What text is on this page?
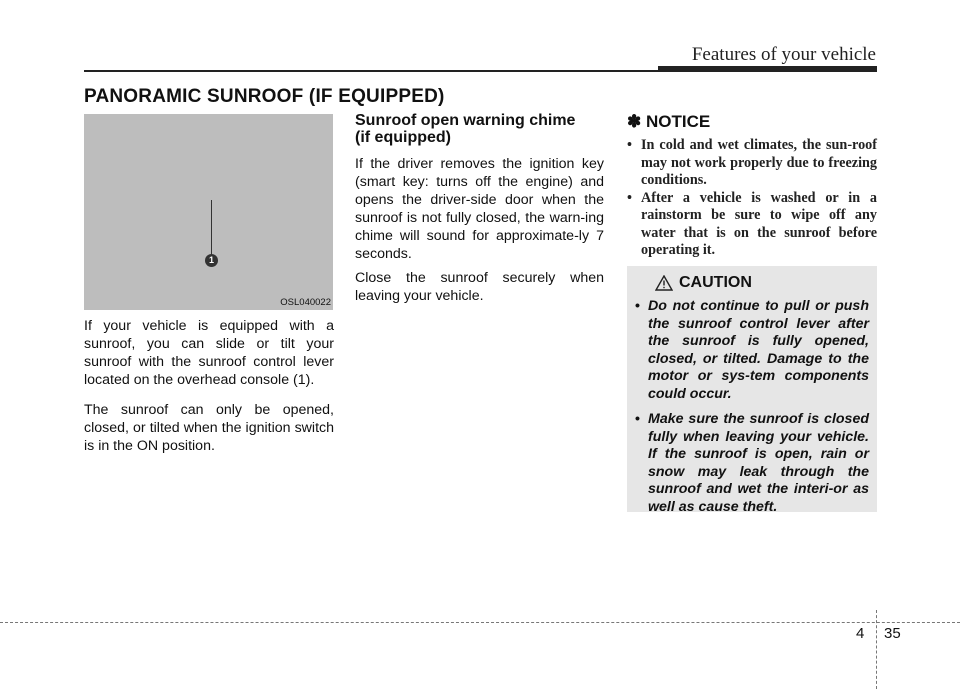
Features of your vehicle
PANORAMIC SUNROOF (IF EQUIPPED)
1
OSL040022

If your vehicle is equipped with a sunroof, you can slide or tilt your sunroof with the sunroof control lever located on the overhead console (1).

The sunroof can only be opened, closed, or tilted when the ignition switch is in the ON position.

Sunroof open warning chime
(if equipped)

If the driver removes the ignition key (smart key: turns off the engine) and opens the driver-side door when the sunroof is not fully closed, the warn-ing chime will sound for approximate-ly 7 seconds.

Close the sunroof securely when leaving your vehicle.

✽ NOTICE
• In cold and wet climates, the sun-roof may not work properly due to freezing conditions.
• After a vehicle is washed or in a rainstorm be sure to wipe off any water that is on the sunroof before operating it.
CAUTION
• Do not continue to pull or push the sunroof control lever after the sunroof is fully opened, closed, or tilted. Damage to the motor or sys-tem components could occur.
• Make sure the sunroof is closed fully when leaving your vehicle. If the sunroof is open, rain or snow may leak through the sunroof and wet the interi-or as well as cause theft.
4 35
